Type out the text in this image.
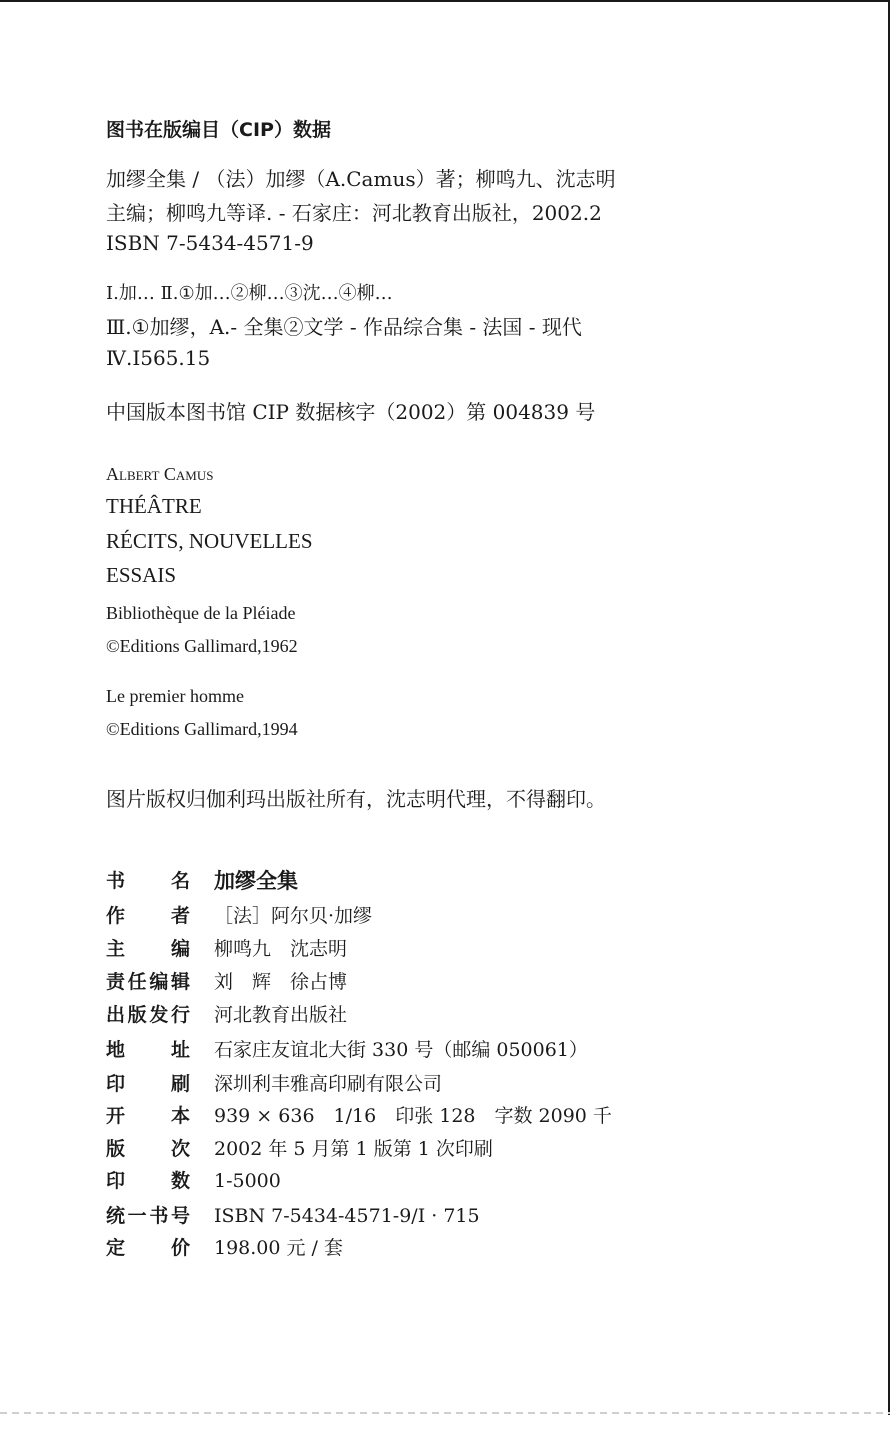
图书在版编目（CIP）数据
加缪全集 / （法）加缪（A.Camus）著；柳鸣九、沈志明
主编；柳鸣九等译. - 石家庄：河北教育出版社，2002.2
ISBN 7-5434-4571-9
Ⅰ.加… Ⅱ.①加…②柳…③沈…④柳…
Ⅲ.①加缪，A.- 全集②文学 - 作品综合集 - 法国 - 现代
Ⅳ.I565.15
中国版本图书馆 CIP 数据核字（2002）第 004839 号
Albert Camus
THÉÂTRE
RÉCITS, NOUVELLES
ESSAIS
Bibliothèque de la Pléiade
©Editions Gallimard,1962
Le premier homme
©Editions Gallimard,1994
图片版权归伽利玛出版社所有，沈志明代理，不得翻印。
书 名 加缪全集
作 者 ［法］阿尔贝·加缪
主 编 柳鸣九　沈志明
责 任 编 辑 刘　辉　徐占博
出 版 发 行 河北教育出版社
地 址 石家庄友谊北大街 330 号（邮编 050061）
印 刷 深圳利丰雅高印刷有限公司
开 本 939 × 636　1/16　印张 128　字数 2090 千
版 次 2002 年 5 月第 1 版第 1 次印刷
印 数 1-5000
统 一 书 号 ISBN 7-5434-4571-9/I · 715
定 价 198.00 元 / 套
